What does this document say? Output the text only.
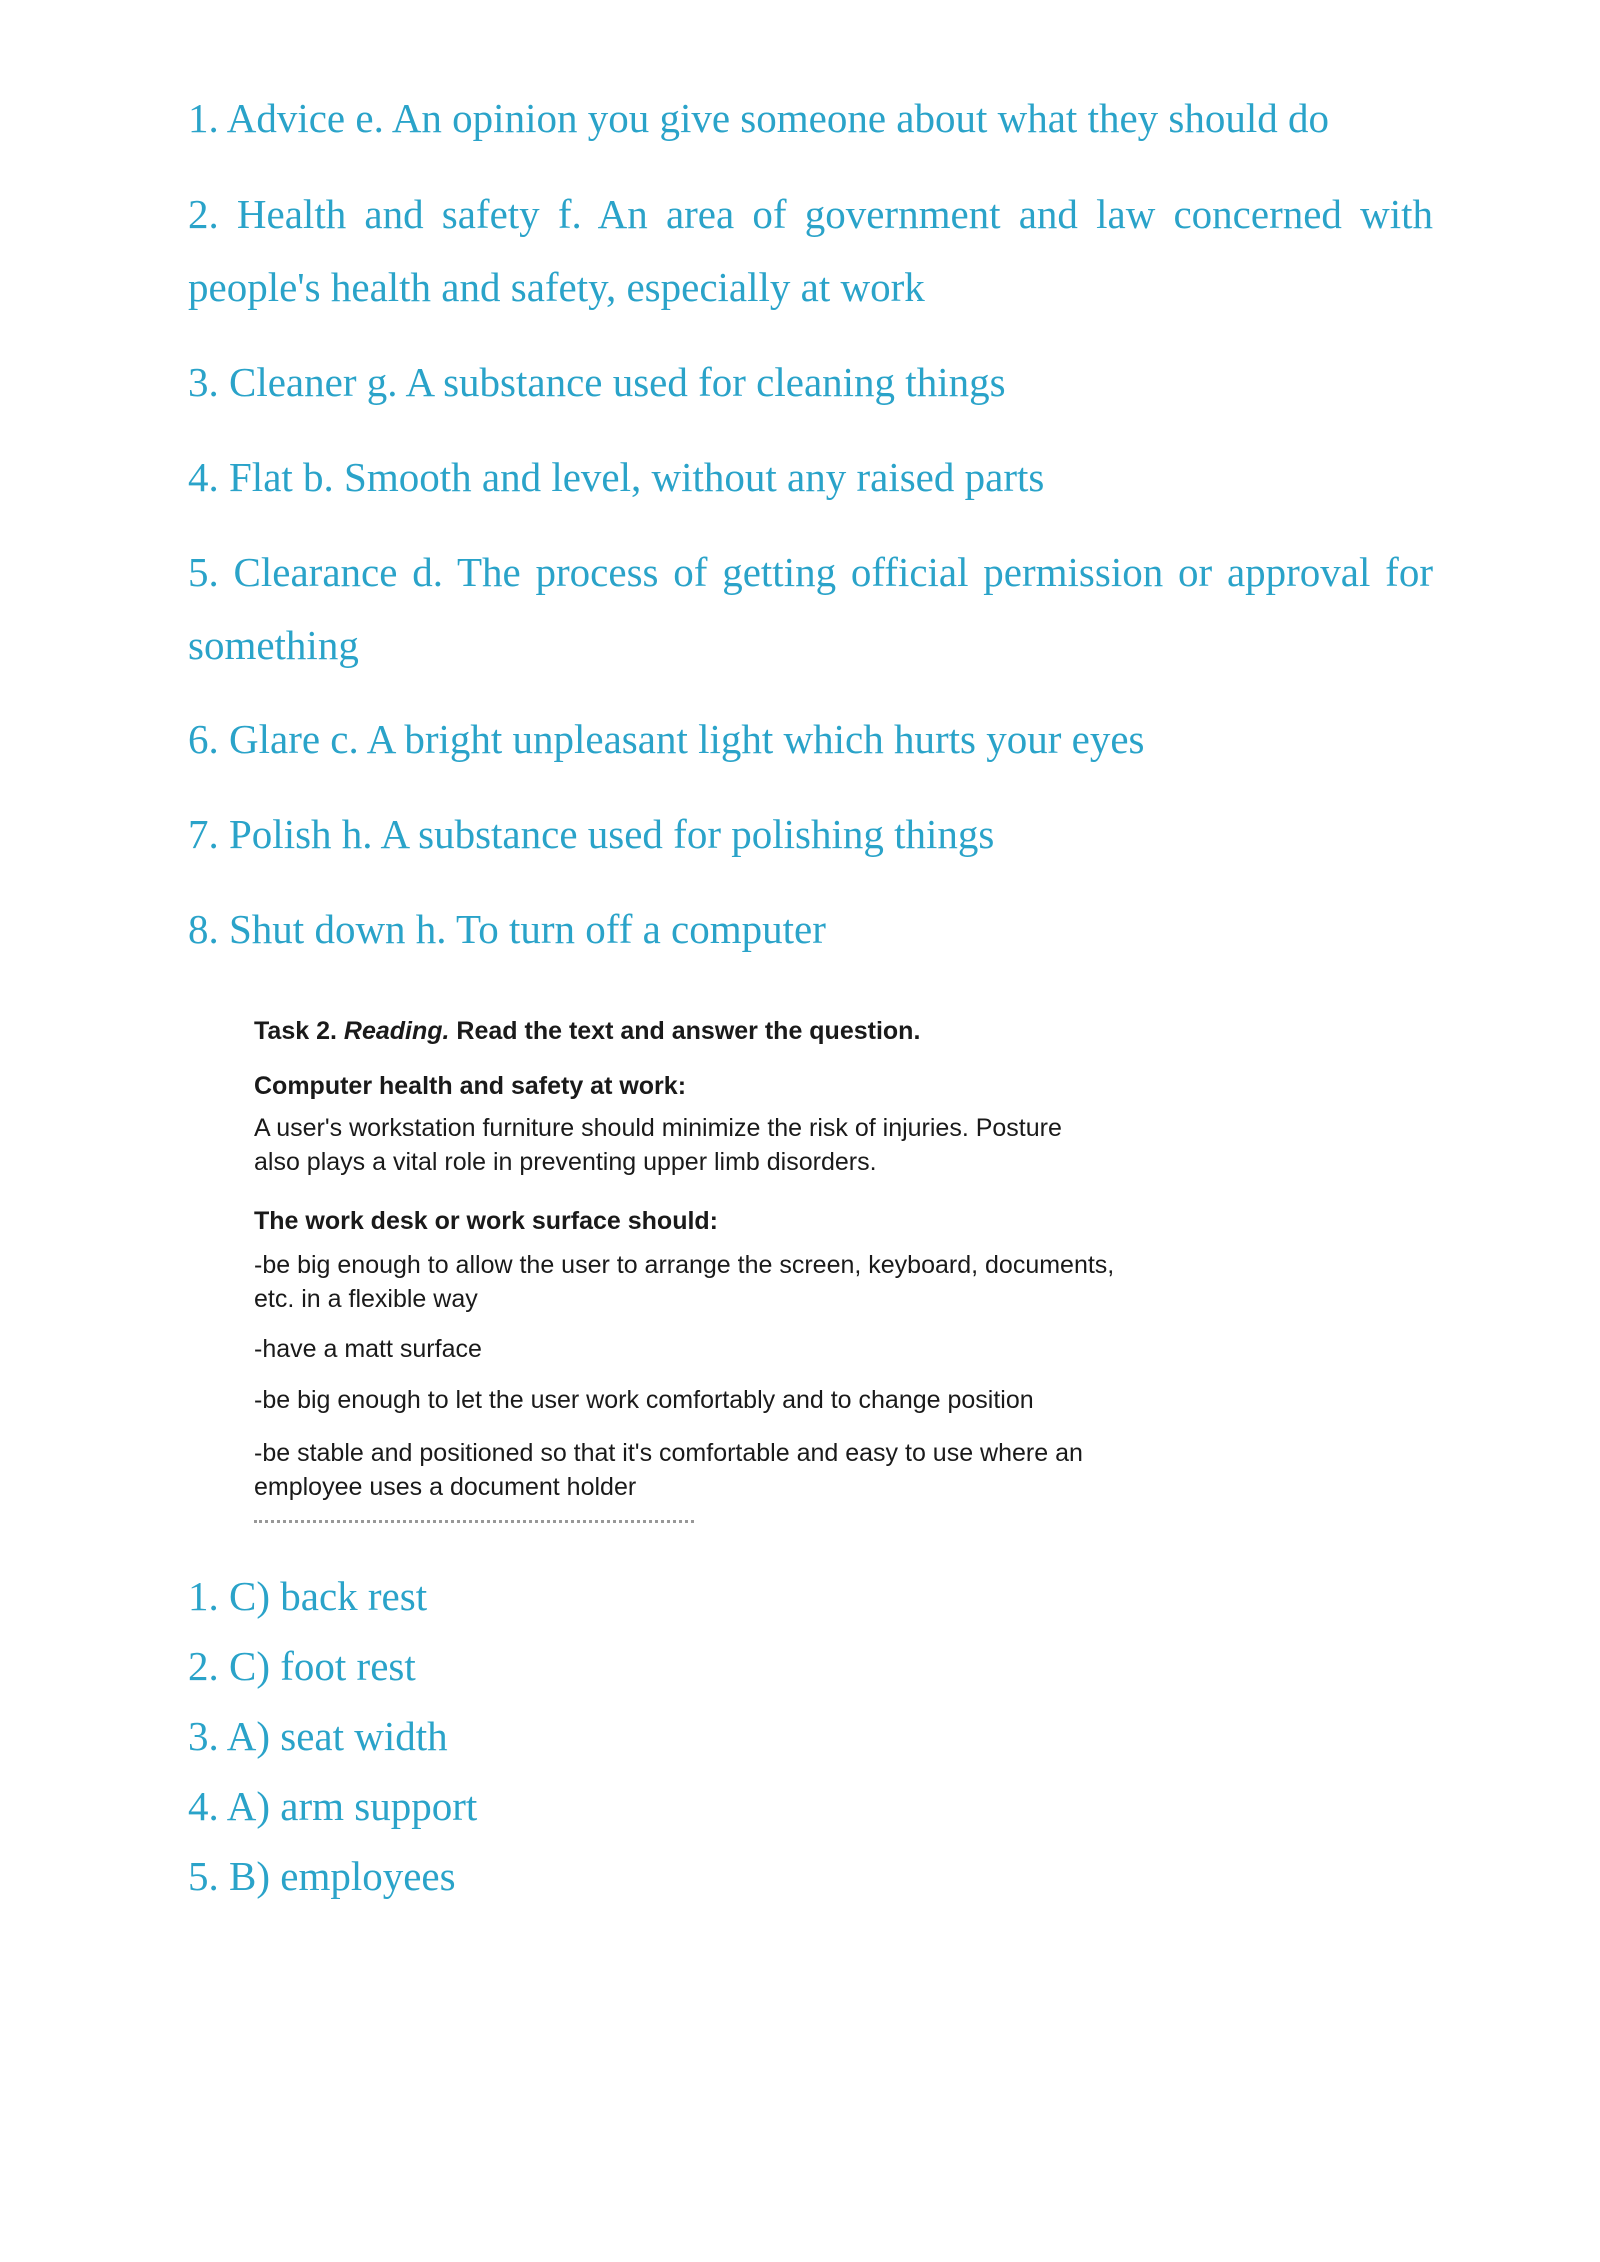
1. Advice e. An opinion you give someone about what they should do

2. Health and safety f. An area of government and law concerned with people's health and safety, especially at work

3. Cleaner g. A substance used for cleaning things

4. Flat b. Smooth and level, without any raised parts

5. Clearance d. The process of getting official permission or approval for something

6. Glare c. A bright unpleasant light which hurts your eyes

7. Polish h. A substance used for polishing things

8. Shut down h. To turn off a computer

Task 2. Reading. Read the text and answer the question.

Computer health and safety at work:

A user's workstation furniture should minimize the risk of injuries. Posture

also plays a vital role in preventing upper limb disorders.

The work desk or work surface should:

-be big enough to allow the user to arrange the screen, keyboard, documents,

etc. in a flexible way

-have a matt surface

-be big enough to let the user work comfortably and to change position

-be stable and positioned so that it's comfortable and easy to use where an

employee uses a document holder

1. C) back rest

2. C) foot rest

3. A) seat width

4. A) arm support

5. B) employees
